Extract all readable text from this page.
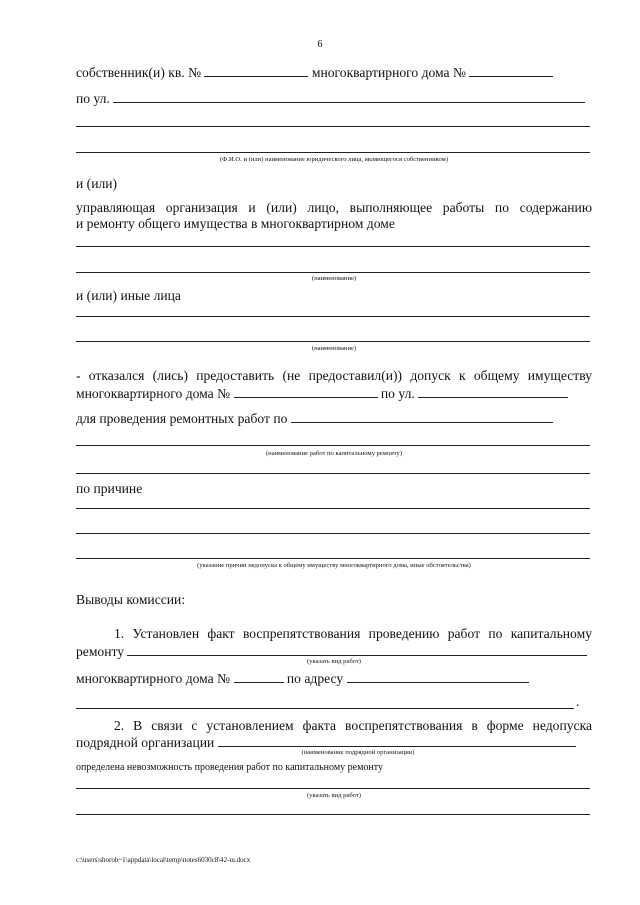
6
собственник(и) кв. №	многоквартирного дома №
по ул.
(Ф.И.О. и (или) наименование юридического лица, являющегося собственником)
и (или)
управляющая организация и (или) лицо, выполняющее работы по содержанию
и ремонту общего имущества в многоквартирном доме
(наименование)
и (или) иные лица
(наименование)
- отказался (лись) предоставить (не предоставил(и)) допуск к общему имуществу
многоквартирного дома №	по ул.
для проведения ремонтных работ по
(наименование работ по капитальному ремонту)
по причине
(указание причин недопуска к общему имуществу многоквартирного дома, иные обстоятельства)
Выводы комиссии:
1. Установлен факт воспрепятствования проведению работ по капитальному
ремонту
(указать вид работ)
многоквартирного дома №	по адресу
.
2. В связи с установлением факта воспрепятствования в форме недопуска
подрядной организации
(наименование подрядной организации)
определена невозможность проведения работ по капитальному ремонту
(указать вид работ)
c:\users\shorob~1\appdata\local\temp\notes6030c8\42-ш.docx
